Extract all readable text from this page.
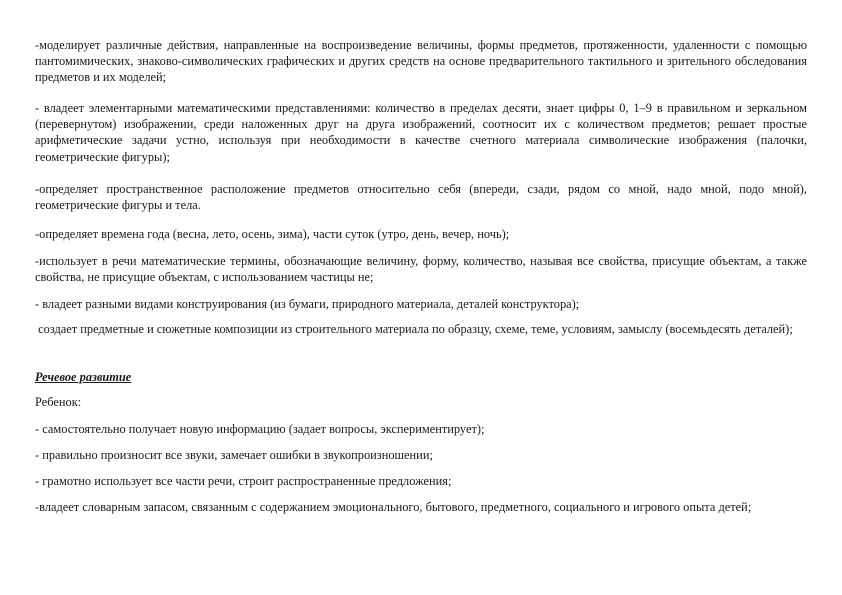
-моделирует различные действия, направленные на воспроизведение величины, формы предметов, протяженности, удаленности с помощью пантомимических, знаково-символических графических и других средств на основе предварительного тактильного и зрительного обследования предметов и их моделей;

- владеет элементарными математическими представлениями: количество в пределах десяти, знает цифры 0, 1–9 в правильном и зеркальном (перевернутом) изображении, среди наложенных друг на друга изображений, соотносит их с количеством предметов; решает простые арифметические задачи устно, используя при необходимости в качестве счетного материала символические изображения (палочки, геометрические фигуры);

-определяет пространственное расположение предметов относительно себя (впереди, сзади, рядом со мной, надо мной, подо мной), геометрические фигуры и тела.

-определяет времена года (весна, лето, осень, зима), части суток (утро, день, вечер, ночь);

-использует в речи математические термины, обозначающие величину, форму, количество, называя все свойства, присущие объектам, а также свойства, не присущие объектам, с использованием частицы не;

- владеет разными видами конструирования (из бумаги, природного материала, деталей конструктора);

создает предметные и сюжетные композиции из строительного материала по образцу, схеме, теме, условиям, замыслу (восемьдесять деталей);

Речевое развитие

Ребенок:

- самостоятельно получает новую информацию (задает вопросы, экспериментирует);

- правильно произносит все звуки, замечает ошибки в звукопроизношении;

- грамотно использует все части речи, строит распространенные предложения;

-владеет словарным запасом, связанным с содержанием эмоционального, бытового, предметного, социального и игрового опыта детей;
